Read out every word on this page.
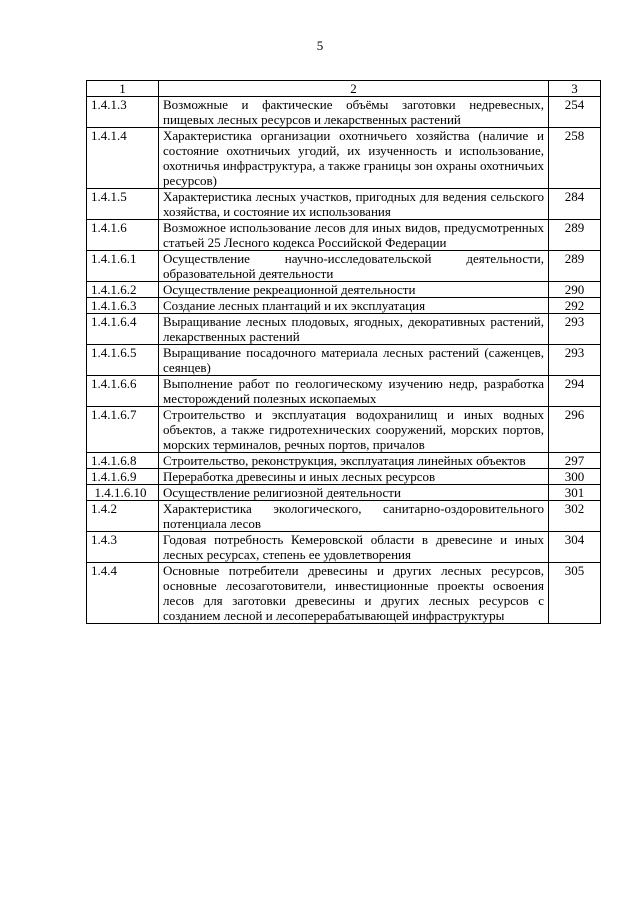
5
1	2	3
1.4.1.3	Возможные и фактические объёмы заготовки недревесных, пищевых лесных ресурсов и лекарственных растений	254
1.4.1.4	Характеристика организации охотничьего хозяйства (наличие и состояние охотничьих угодий, их изученность и использование, охотничья инфраструктура, а также границы зон охраны охотничьих ресурсов)	258
1.4.1.5	Характеристика лесных участков, пригодных для ведения сельского хозяйства, и состояние их использования	284
1.4.1.6	Возможное использование лесов для иных видов, предусмотренных статьей 25 Лесного кодекса Российской Федерации	289
1.4.1.6.1	Осуществление научно-исследовательской деятельности, образовательной деятельности	289
1.4.1.6.2	Осуществление рекреационной деятельности	290
1.4.1.6.3	Создание лесных плантаций и их эксплуатация	292
1.4.1.6.4	Выращивание лесных плодовых, ягодных, декоративных растений, лекарственных растений	293
1.4.1.6.5	Выращивание посадочного материала лесных растений (саженцев, сеянцев)	293
1.4.1.6.6	Выполнение работ по геологическому изучению недр, разработка месторождений полезных ископаемых	294
1.4.1.6.7	Строительство и эксплуатация водохранилищ и иных водных объектов, а также гидротехнических сооружений, морских портов, морских терминалов, речных портов, причалов	296
1.4.1.6.8	Строительство, реконструкция, эксплуатация линейных объектов	297
1.4.1.6.9	Переработка древесины и иных лесных ресурсов	300
1.4.1.6.10	Осуществление религиозной деятельности	301
1.4.2	Характеристика экологического, санитарно-оздоровительного потенциала лесов	302
1.4.3	Годовая потребность Кемеровской области в древесине и иных лесных ресурсах, степень ее удовлетворения	304
1.4.4	Основные потребители древесины и других лесных ресурсов, основные лесозаготовители, инвестиционные проекты освоения лесов для заготовки древесины и других лесных ресурсов с созданием лесной и лесоперерабатывающей инфраструктуры	305
